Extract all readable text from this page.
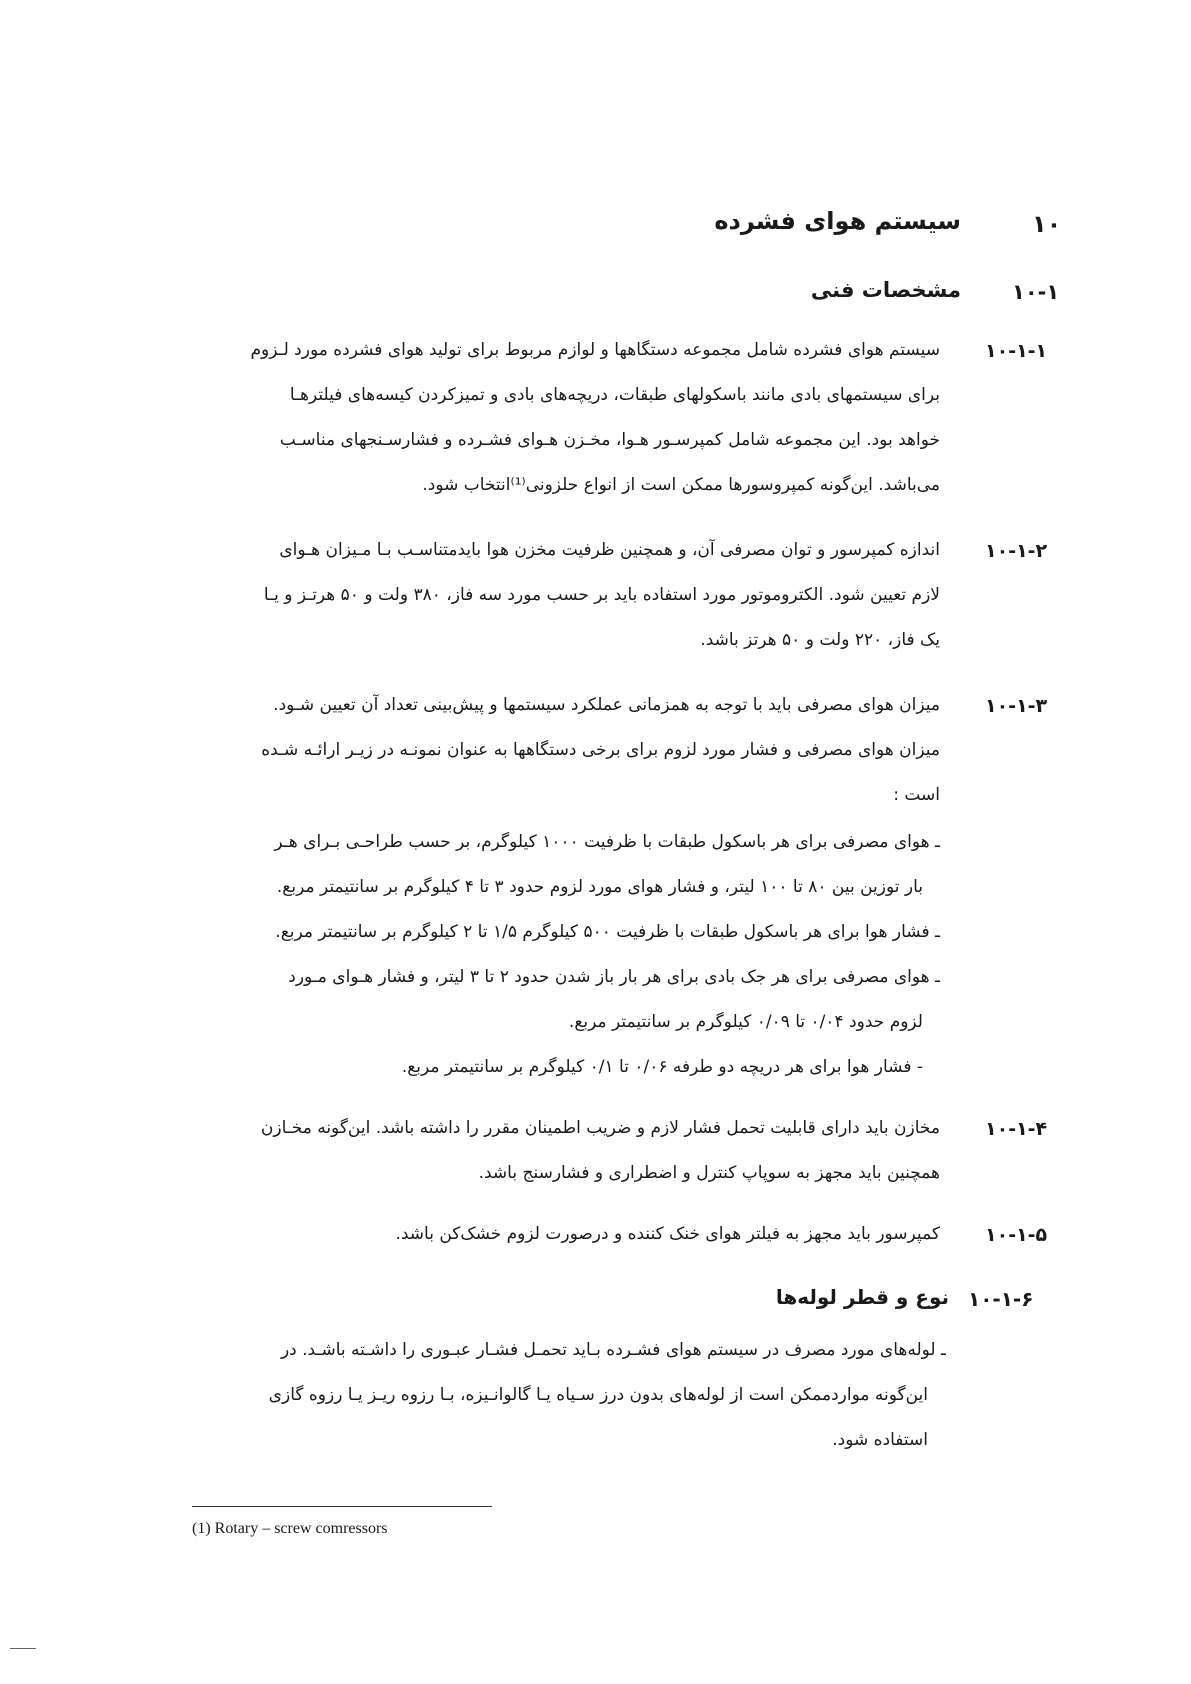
۱۰
سیستم هوای فشرده
۱۰-۱
مشخصات فنی
۱۰-۱-۱
سیستم هوای فشرده شامل مجموعه دستگاهها و لوازم مربوط برای تولید هوای فشرده مورد لـزوم
برای سیستمهای بادی مانند باسکولهای طبقات، دریچه‌های بادی و تمیزکردن کیسه‌های فیلترهـا
خواهد بود. این مجموعه شامل کمپرسـور هـوا، مخـزن هـوای فشـرده و فشارسـنجهای مناسـب
می‌باشد. این‌گونه کمپروسورها ممکن است از انواع حلزونی⁽¹⁾انتخاب شود.
۱۰-۱-۲
اندازه کمپرسور و توان مصرفی آن، و همچنین ظرفیت مخزن هوا بایدمتناسـب بـا مـیزان هـوای
لازم تعیین شود. الکتروموتور مورد استفاده باید بر حسب مورد سه فاز، ۳۸۰ ولت و ۵۰ هرتـز و یـا
یک فاز، ۲۲۰ ولت و ۵۰ هرتز باشد.
۱۰-۱-۳
میزان هوای مصرفی باید با توجه به همزمانی عملکرد سیستمها و پیش‌بینی تعداد آن تعیین شـود.
میزان هوای مصرفی و فشار مورد لزوم برای برخی دستگاهها به عنوان نمونـه در زیـر ارائـه شـده
است :
ـ هوای مصرفی برای هر باسکول طبقات با ظرفیت ۱۰۰۰ کیلوگرم، بر حسب طراحـی بـرای هـر
بار توزین بین ۸۰ تا ۱۰۰ لیتر، و فشار هوای مورد لزوم حدود ۳ تا ۴ کیلوگرم بر سانتیمتر مربع.
ـ فشار هوا برای هر باسکول طبقات با ظرفیت ۵۰۰ کیلوگرم ۱/۵ تا ۲ کیلوگرم بر سانتیمتر مربع.
ـ هوای مصرفی برای هر جک بادی برای هر بار باز شدن حدود ۲ تا ۳ لیتر، و فشار هـوای مـورد
لزوم حدود ۰/۰۴ تا ۰/۰۹ کیلوگرم بر سانتیمتر مربع.
- فشار هوا برای هر دریچه دو طرفه ۰/۰۶ تا ۰/۱ کیلوگرم بر سانتیمتر مربع.
۱۰-۱-۴
مخازن باید دارای قابلیت تحمل فشار لازم و ضریب اطمینان مقرر را داشته باشد. این‌گونه مخـازن
همچنین باید مجهز به سوپاپ کنترل و اضطراری و فشارسنج باشد.
۱۰-۱-۵
کمپرسور باید مجهز به فیلتر هوای خنک کننده و درصورت لزوم خشک‌کن باشد.
۱۰-۱-۶
نوع و قطر لوله‌ها
ـ لوله‌های مورد مصرف در سیستم هوای فشـرده بـاید تحمـل فشـار عبـوری را داشـته باشـد. در
این‌گونه مواردممکن است از لوله‌های بدون درز سـیاه یـا گالوانـیزه، بـا رزوه ریـز یـا رزوه گازی
استفاده شود.
(1) Rotary – screw comressors
